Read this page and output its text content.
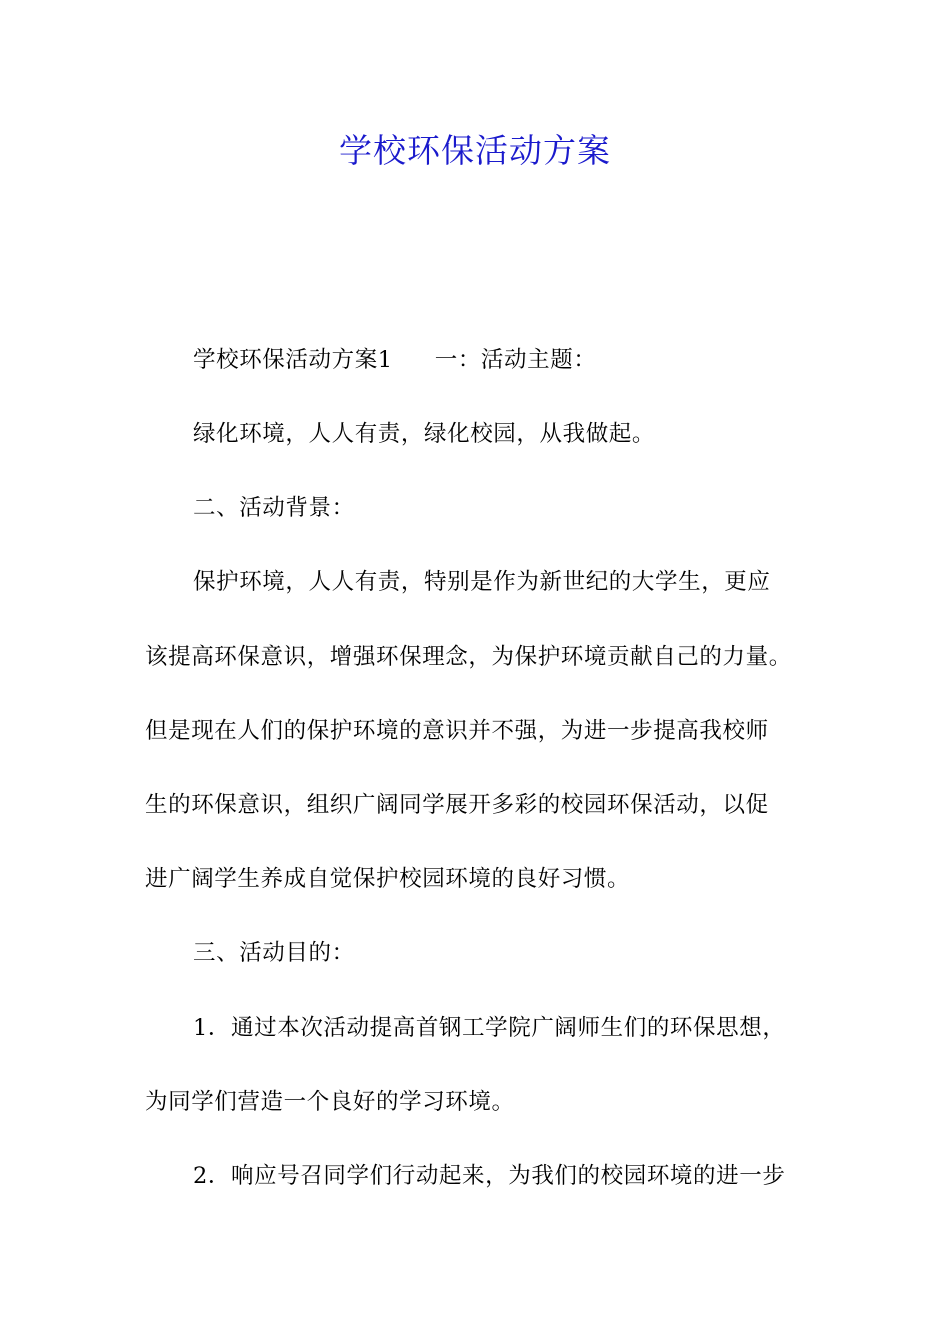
学校环保活动方案
学校环保活动方案1 一：活动主题：
绿化环境，人人有责，绿化校园，从我做起。
二、活动背景：
保护环境，人人有责，特别是作为新世纪的大学生，更应
该提高环保意识，增强环保理念，为保护环境贡献自己的力量。
但是现在人们的保护环境的意识并不强，为进一步提高我校师
生的环保意识，组织广阔同学展开多彩的校园环保活动，以促
进广阔学生养成自觉保护校园环境的良好习惯。
三、活动目的：
1．通过本次活动提高首钢工学院广阔师生们的环保思想，
为同学们营造一个良好的学习环境。
2．响应号召同学们行动起来，为我们的校园环境的进一步
